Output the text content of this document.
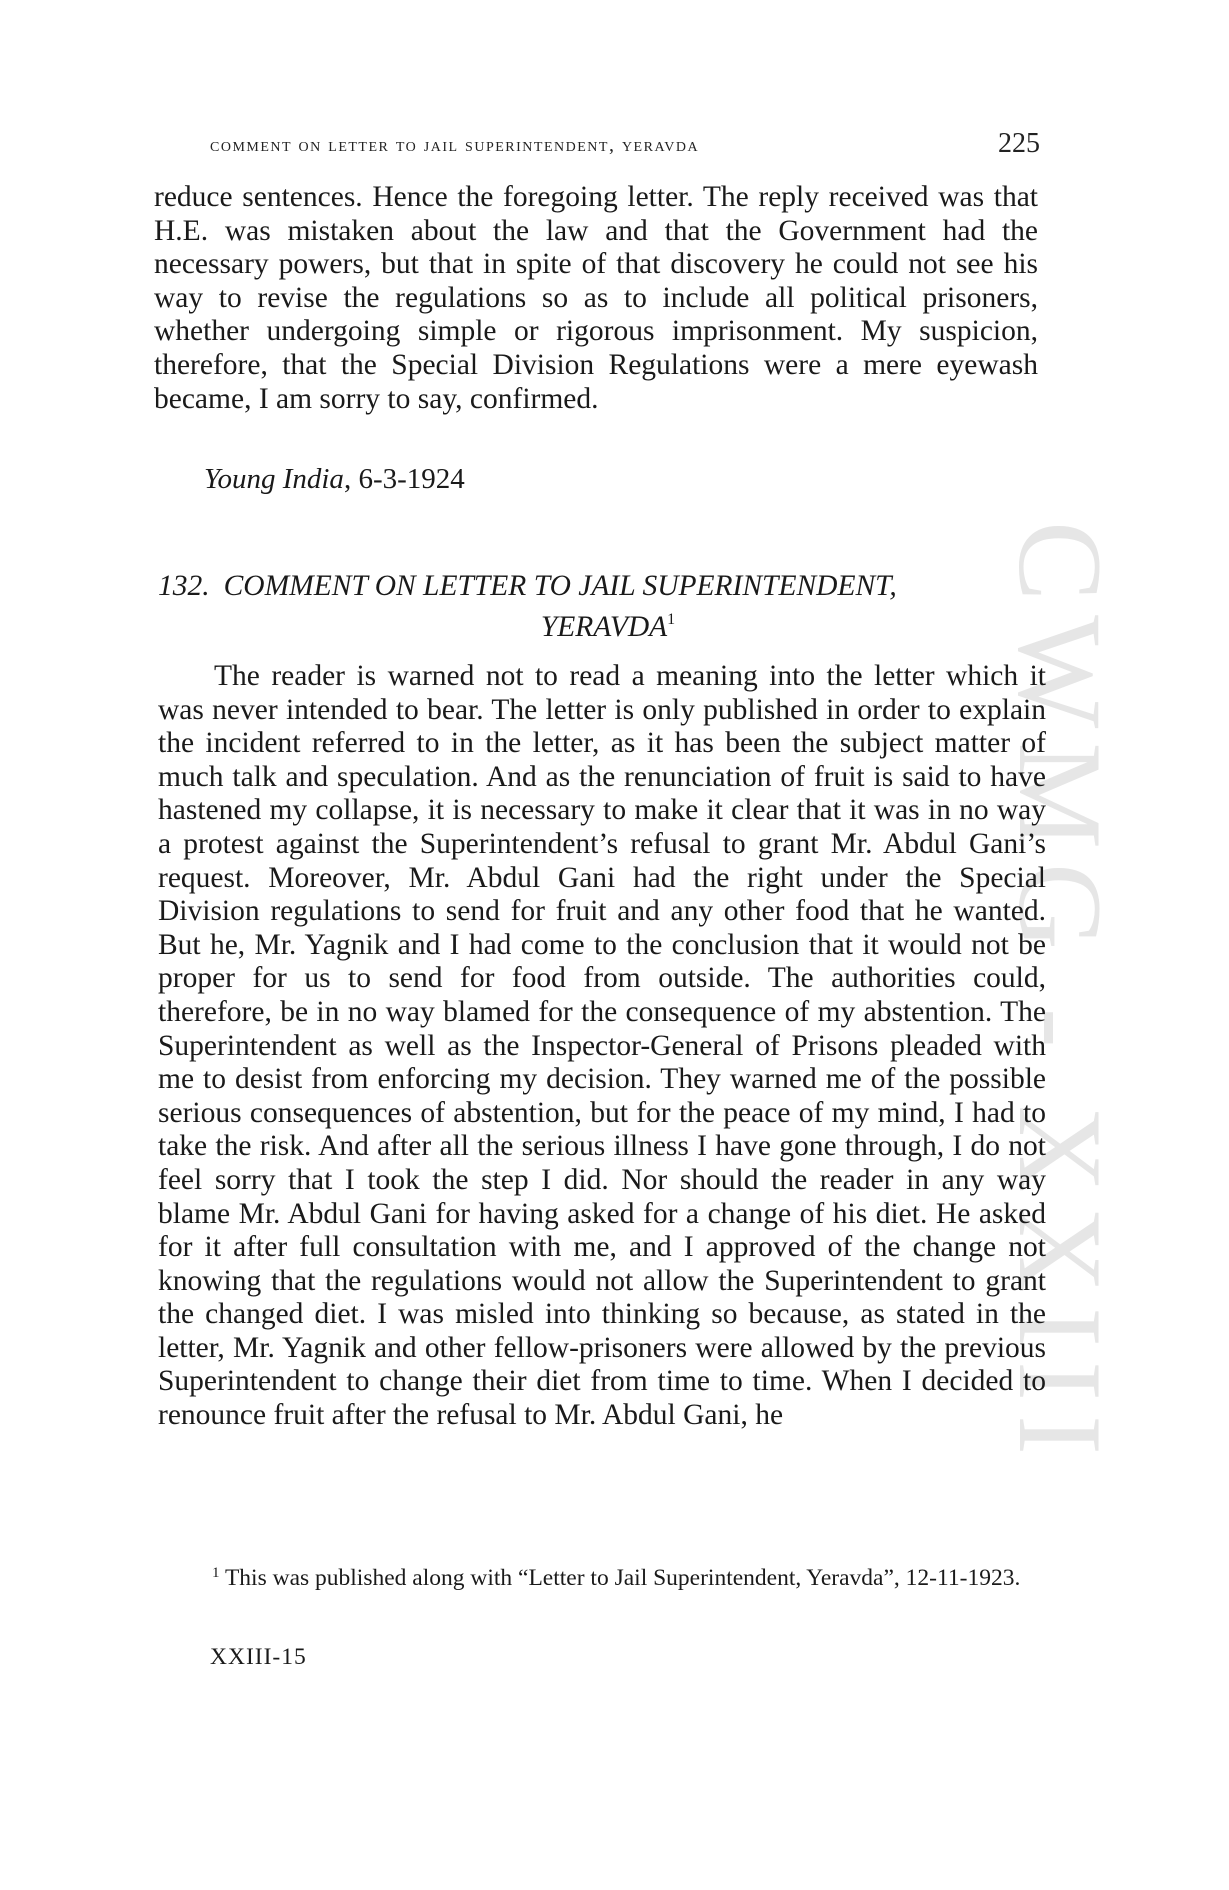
CWMG - XXIII
comment on letter to jail superintendent, yeravda	225

reduce sentences. Hence the foregoing letter. The reply received was that H.E. was mistaken about the law and that the Government had the necessary powers, but that in spite of that discovery he could not see his way to revise the regulations so as to include all political prisoners, whether undergoing simple or rigorous imprisonment. My suspicion, therefore, that the Special Division Regulations were a mere eyewash became, I am sorry to say, confirmed.

Young India, 6-3-1924
132. COMMENT ON LETTER TO JAIL SUPERINTENDENT,
YERAVDA$^1$

The reader is warned not to read a meaning into the letter which it was never intended to bear. The letter is only published in order to explain the incident referred to in the letter, as it has been the subject matter of much talk and speculation. And as the renunciation of fruit is said to have hastened my collapse, it is necessary to make it clear that it was in no way a protest against the Superintendent’s refusal to grant Mr. Abdul Gani’s request. Moreover, Mr. Abdul Gani had the right under the Special Division regulations to send for fruit and any other food that he wanted. But he, Mr. Yagnik and I had come to the conclusion that it would not be proper for us to send for food from outside. The authorities could, therefore, be in no way blamed for the consequence of my abstention. The Superintendent as well as the Inspector-General of Prisons pleaded with me to desist from enforcing my decision. They warned me of the possible serious consequences of abstention, but for the peace of my mind, I had to take the risk. And after all the serious illness I have gone through, I do not feel sorry that I took the step I did. Nor should the reader in any way blame Mr. Abdul Gani for having asked for a change of his diet. He asked for it after full consultation with me, and I approved of the change not knowing that the regulations would not allow the Superintendent to grant the changed diet. I was misled into thinking so because, as stated in the letter, Mr. Yagnik and other fellow-prisoners were allowed by the previous Superintendent to change their diet from time to time. When I decided to renounce fruit after the refusal to Mr. Abdul Gani, he

$^1$ This was published along with “Letter to Jail Superintendent, Yeravda”, 12-11-1923.
XXIII-15
